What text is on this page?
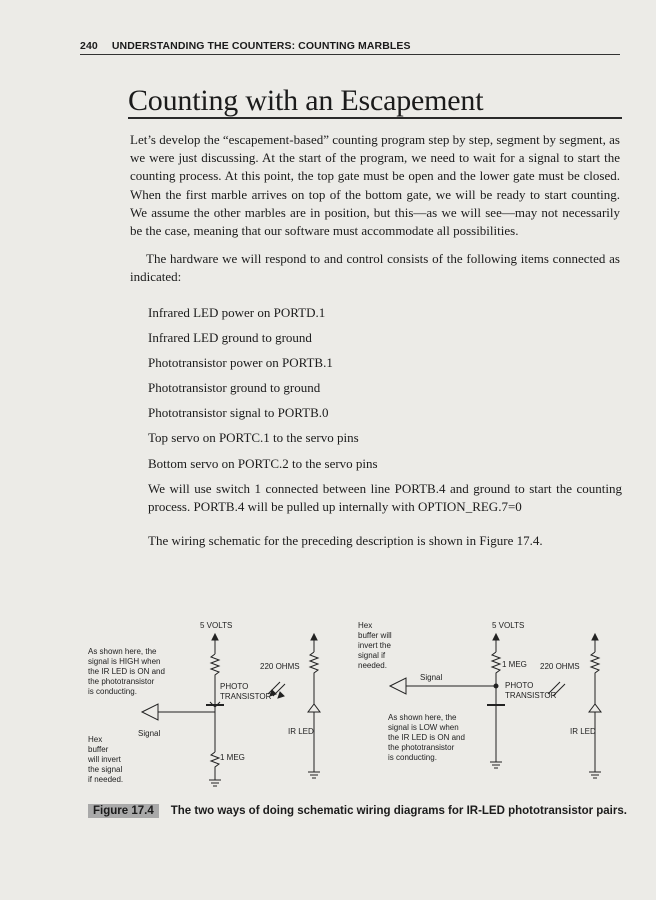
240 UNDERSTANDING THE COUNTERS: COUNTING MARBLES
Counting with an Escapement
Let’s develop the “escapement-based” counting program step by step, segment by segment, as we were just discussing. At the start of the program, we need to wait for a signal to start the counting process. At this point, the top gate must be open and the lower gate must be closed. When the first marble arrives on top of the bottom gate, we will be ready to start counting. We assume the other marbles are in position, but this—as we will see—may not necessarily be the case, meaning that our software must accommodate all possibilities.
The hardware we will respond to and control consists of the following items connected as indicated:
Infrared LED power on PORTD.1
Infrared LED ground to ground
Phototransistor power on PORTB.1
Phototransistor ground to ground
Phototransistor signal to PORTB.0
Top servo on PORTC.1 to the servo pins
Bottom servo on PORTC.2 to the servo pins
We will use switch 1 connected between line PORTB.4 and ground to start the counting process. PORTB.4 will be pulled up internally with OPTION_REG.7=0
The wiring schematic for the preceding description is shown in Figure 17.4.
5 VOLTS
As shown here, the
signal is HIGH when
the IR LED is ON and
the phototransistor
is conducting.
220 OHMS
PHOTO
TRANSISTOR
IR LED
1 MEG
Signal
Hex
buffer
will invert
the signal
if needed.
Hex
buffer will
invert the
signal if
needed.
5 VOLTS
1 MEG 220 OHMS
Signal
PHOTO
TRANSISTOR
IR LED
As shown here, the
signal is LOW when
the IR LED is ON and
the phototransistor
is conducting.
Figure 17.4 The two ways of doing schematic wiring diagrams for IR-LED phototransistor pairs.
